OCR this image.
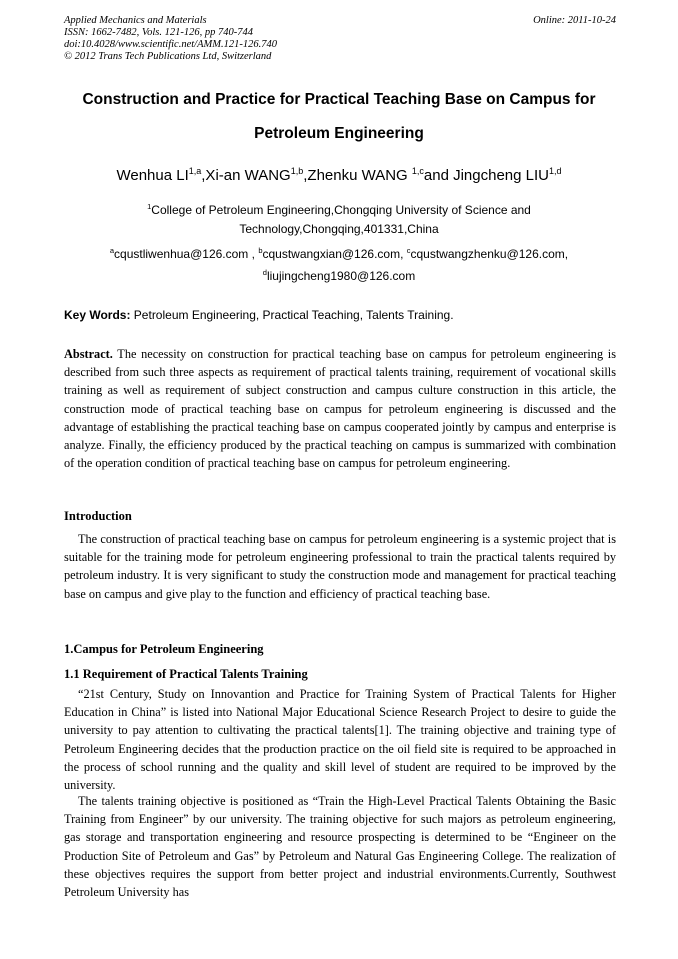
Applied Mechanics and Materials
ISSN: 1662-7482, Vols. 121-126, pp 740-744
doi:10.4028/www.scientific.net/AMM.121-126.740
© 2012 Trans Tech Publications Ltd, Switzerland
Online: 2011-10-24
Construction and Practice for Practical Teaching Base on Campus for
Petroleum Engineering
Wenhua LI$^{1,a}$,Xi-an WANG$^{1,b}$,Zhenku WANG $^{1,c}$and Jingcheng LIU$^{1,d}$
$^1$College of Petroleum Engineering,Chongqing University of Science and
Technology,Chongqing,401331,China
$^a$cqustliwenhua@126.com , $^b$cqustwangxian@126.com, $^c$cqustwangzhenku@126.com,
$^d$liujingcheng1980@126.com
Key Words: Petroleum Engineering, Practical Teaching, Talents Training.

Abstract. The necessity on construction for practical teaching base on campus for petroleum engineering is described from such three aspects as requirement of practical talents training, requirement of vocational skills training as well as requirement of subject construction and campus culture construction in this article, the construction mode of practical teaching base on campus for petroleum engineering is discussed and the advantage of establishing the practical teaching base on campus cooperated jointly by campus and enterprise is analyze. Finally, the efficiency produced by the practical teaching on campus is summarized with combination of the operation condition of practical teaching base on campus for petroleum engineering.

Introduction

The construction of practical teaching base on campus for petroleum engineering is a systemic project that is suitable for the training mode for petroleum engineering professional to train the practical talents required by petroleum industry. It is very significant to study the construction mode and management for practical teaching base on campus and give play to the function and efficiency of practical teaching base.

1.Campus for Petroleum Engineering

1.1 Requirement of Practical Talents Training

“21st Century, Study on Innovantion and Practice for Training System of Practical Talents for Higher Education in China” is listed into National Major Educational Science Research Project to desire to guide the university to pay attention to cultivating the practical talents[1]. The training objective and training type of Petroleum Engineering decides that the production practice on the oil field site is required to be approached in the process of school running and the quality and skill level of student are required to be improved by the university.

The talents training objective is positioned as “Train the High-Level Practical Talents Obtaining the Basic Training from Engineer” by our university. The training objective for such majors as petroleum engineering, gas storage and transportation engineering and resource prospecting is determined to be “Engineer on the Production Site of Petroleum and Gas” by Petroleum and Natural Gas Engineering College. The realization of these objectives requires the support from better project and industrial environments.Currently, Southwest Petroleum University has
